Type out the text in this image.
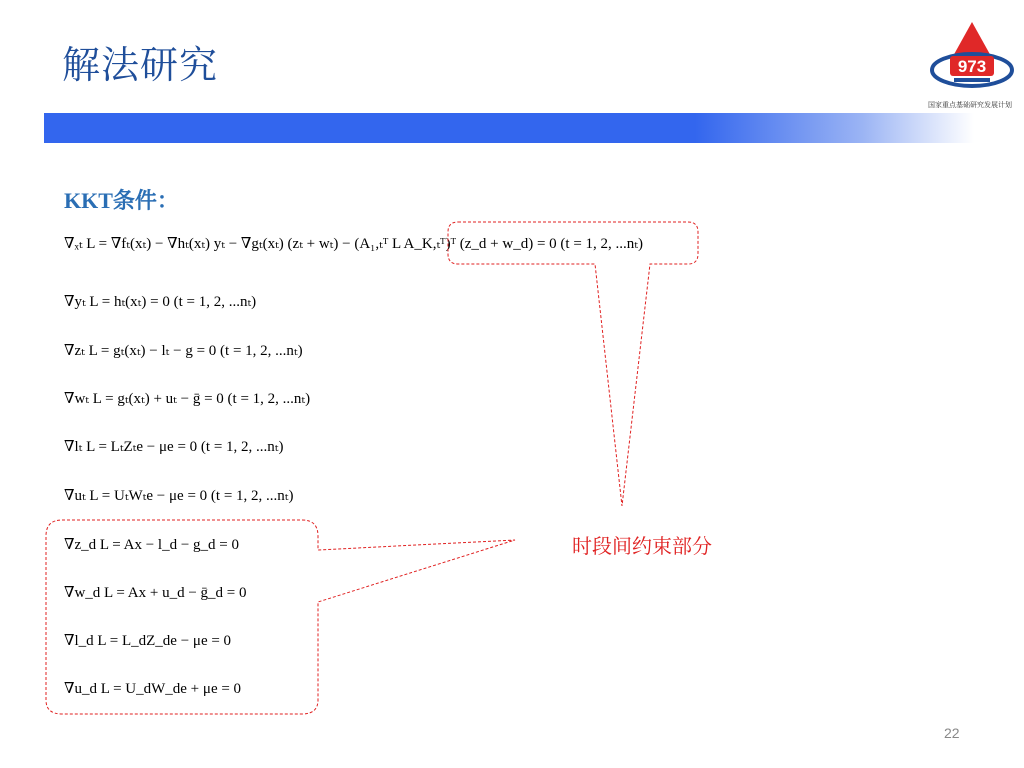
解法研究	973
国家重点基础研究发展计划
KKT条件：
∇ₓₜ L = ∇fₜ(xₜ) − ∇hₜ(xₜ) yₜ − ∇gₜ(xₜ) (zₜ + wₜ) − (A₁,ₜᵀ L A_K,ₜᵀ)ᵀ (z_d + w_d) = 0 (t = 1, 2, ...nₜ)
∇yₜ L = hₜ(xₜ) = 0 (t = 1, 2, ...nₜ)
∇zₜ L = gₜ(xₜ) − lₜ − g = 0 (t = 1, 2, ...nₜ)
∇wₜ L = gₜ(xₜ) + uₜ − ḡ = 0 (t = 1, 2, ...nₜ)
∇lₜ L = LₜZₜe − μe = 0 (t = 1, 2, ...nₜ)
∇uₜ L = UₜWₜe − μe = 0 (t = 1, 2, ...nₜ)
∇z_d L = Ax − l_d − g_d = 0
∇w_d L = Ax + u_d − ḡ_d = 0
∇l_d L = L_dZ_de − μe = 0
∇u_d L = U_dW_de + μe = 0
时段间约束部分
22
